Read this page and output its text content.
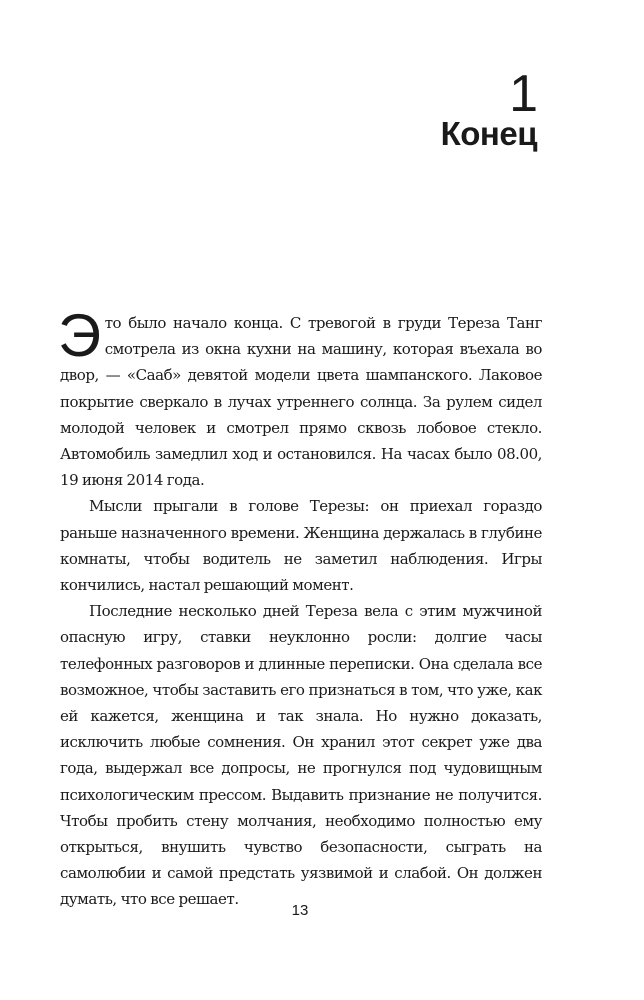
1
Конец

Это было начало конца. С тревогой в груди Тереза Танг смотрела из окна кухни на машину, которая въехала во двор, — «Сааб» девятой модели цвета шампанского. Лаковое покрытие сверкало в лучах утреннего солнца. За рулем сидел молодой человек и смотрел прямо сквозь лобовое стекло. Автомобиль замедлил ход и остановился. На часах было 08.00, 19 июня 2014 года.

Мысли прыгали в голове Терезы: он приехал гораздо раньше назначенного времени. Женщина держалась в глубине комнаты, чтобы водитель не заметил наблюдения. Игры кончились, настал решающий момент.

Последние несколько дней Тереза вела с этим мужчиной опасную игру, ставки неуклонно росли: долгие часы телефонных разговоров и длинные переписки. Она сделала все возможное, чтобы заставить его признаться в том, что уже, как ей кажется, женщина и так знала. Но нужно доказать, исключить любые сомнения. Он хранил этот секрет уже два года, выдержал все допросы, не прогнулся под чудовищным психологическим прессом. Выдавить признание не получится. Чтобы пробить стену молчания, необходимо полностью ему открыться, внушить чувство безопасности, сыграть на самолюбии и самой предстать уязвимой и слабой. Он должен думать, что все решает.

13
